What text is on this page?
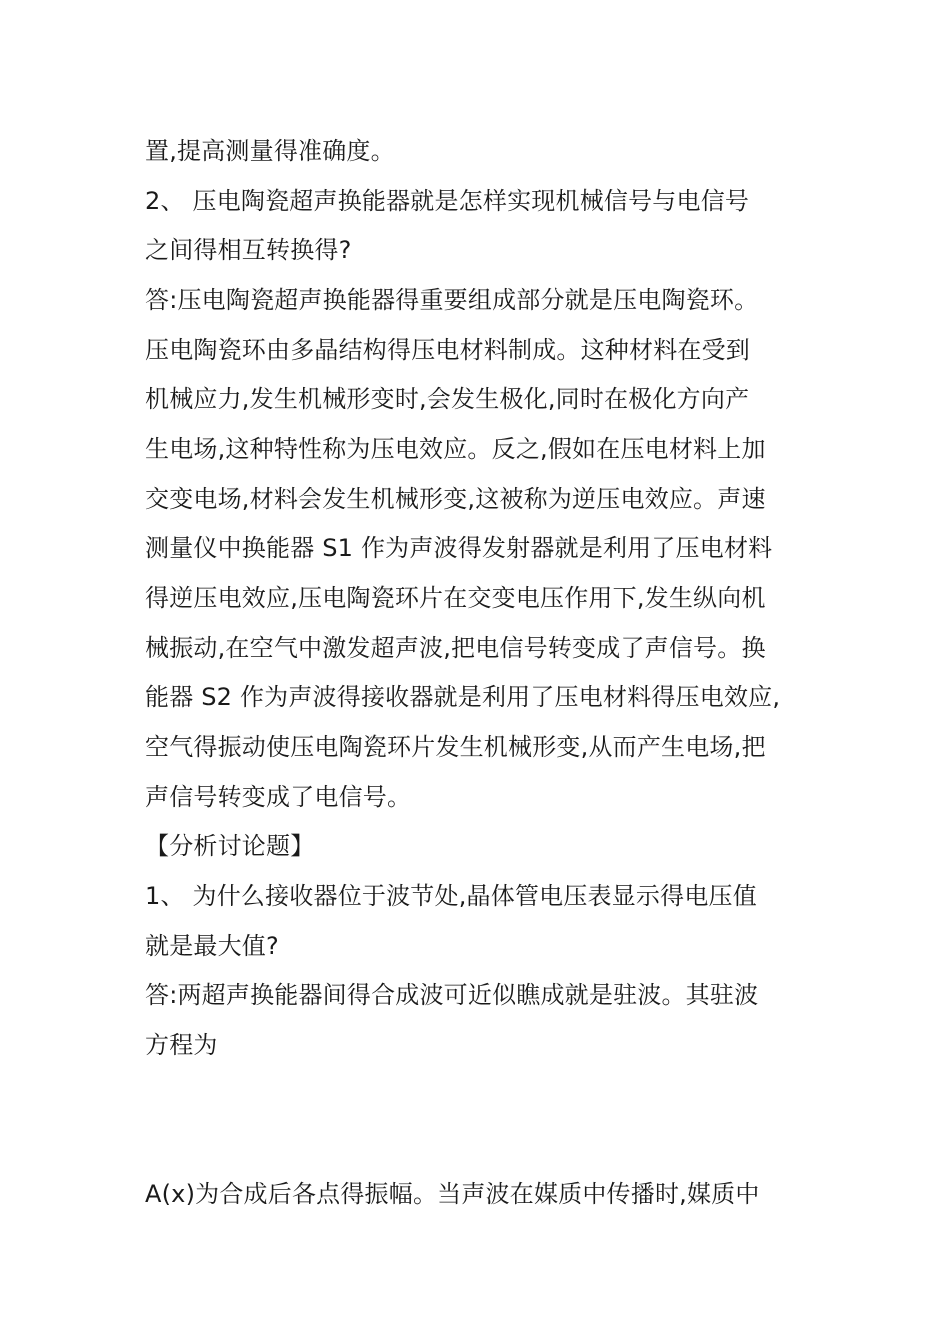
置,提高测量得准确度。
2、 压电陶瓷超声换能器就是怎样实现机械信号与电信号
之间得相互转换得?
答:压电陶瓷超声换能器得重要组成部分就是压电陶瓷环。
压电陶瓷环由多晶结构得压电材料制成。这种材料在受到
机械应力,发生机械形变时,会发生极化,同时在极化方向产
生电场,这种特性称为压电效应。反之,假如在压电材料上加
交变电场,材料会发生机械形变,这被称为逆压电效应。声速
测量仪中换能器 S1 作为声波得发射器就是利用了压电材料
得逆压电效应,压电陶瓷环片在交变电压作用下,发生纵向机
械振动,在空气中激发超声波,把电信号转变成了声信号。换
能器 S2 作为声波得接收器就是利用了压电材料得压电效应,
空气得振动使压电陶瓷环片发生机械形变,从而产生电场,把
声信号转变成了电信号。
【分析讨论题】
1、 为什么接收器位于波节处,晶体管电压表显示得电压值
就是最大值?
答:两超声换能器间得合成波可近似瞧成就是驻波。其驻波
方程为
A(x)为合成后各点得振幅。当声波在媒质中传播时,媒质中
